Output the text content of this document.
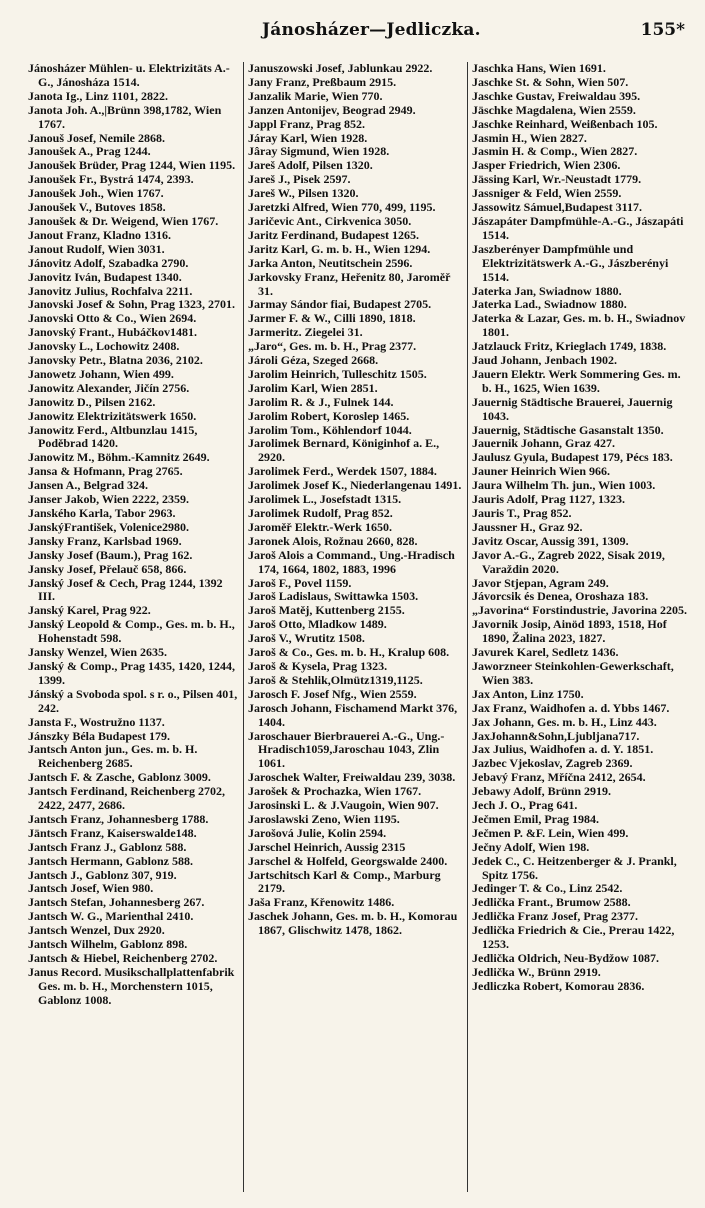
Jánosházer—Jedliczka.	155*
Jánosházer Mühlen- u. Elektrizitäts A.-G., Jánosháza 1514.
Janota Ig., Linz 1101, 2822.
Janota Joh. A.,|Brünn 398,1782, Wien 1767.
Janouš Josef, Nemile 2868.
Janoušek A., Prag 1244.
Janoušek Brüder, Prag 1244, Wien 1195.
Janoušek Fr., Bystrá 1474, 2393.
Janoušek Joh., Wien 1767.
Janoušek V., Butoves 1858.
Janoušek & Dr. Weigend, Wien 1767.
Janout Franz, Kladno 1316.
Janout Rudolf, Wien 3031.
Jánovitz Adolf, Szabadka 2790.
Janovitz Iván, Budapest 1340.
Janovitz Julius, Rochfalva 2211.
Janovski Josef & Sohn, Prag 1323, 2701.
Janovski Otto & Co., Wien 2694.
Janovský Frant., Hubáčkov1481.
Janovsky L., Lochowitz 2408.
Janovsky Petr., Blatna 2036, 2102.
Janowetz Johann, Wien 499.
Janowitz Alexander, Jičín 2756.
Janowitz D., Pilsen 2162.
Janowitz Elektrizitätswerk 1650.
Janowitz Ferd., Altbunzlau 1415, Poděbrad 1420.
Janowitz M., Böhm.-Kamnitz 2649.
Jansa & Hofmann, Prag 2765.
Jansen A., Belgrad 324.
Janser Jakob, Wien 2222, 2359.
Janského Karla, Tabor 2963.
JanskýFrantišek, Volenice2980.
Jansky Franz, Karlsbad 1969.
Jansky Josef (Baum.), Prag 162.
Jansky Josef, Přelauč 658, 866.
Janský Josef & Cech, Prag 1244, 1392 III.
Janský Karel, Prag 922.
Janský Leopold & Comp., Ges. m. b. H., Hohenstadt 598.
Jansky Wenzel, Wien 2635.
Janský & Comp., Prag 1435, 1420, 1244, 1399.
Jánský a Svoboda spol. s r. o., Pilsen 401, 242.
Jansta F., Wostružno 1137.
Jánszky Béla Budapest 179.
Jantsch Anton jun., Ges. m. b. H. Reichenberg 2685.
Jantsch F. & Zasche, Gablonz 3009.
Jantsch Ferdinand, Reichenberg 2702, 2422, 2477, 2686.
Jantsch Franz, Johannesberg 1788.
Jäntsch Franz, Kaiserswalde148.
Jantsch Franz J., Gablonz 588.
Jantsch Hermann, Gablonz 588.
Jantsch J., Gablonz 307, 919.
Jantsch Josef, Wien 980.
Jantsch Stefan, Johannesberg 267.
Jantsch W. G., Marienthal 2410.
Jantsch Wenzel, Dux 2920.
Jantsch Wilhelm, Gablonz 898.
Jantsch & Hiebel, Reichenberg 2702.
Janus Record. Musikschallplattenfabrik Ges. m. b. H., Morchenstern 1015, Gablonz 1008.
Januszowski Josef, Jablunkau 2922.
Jany Franz, Preßbaum 2915.
Janzalik Marie, Wien 770.
Janzen Antonijev, Beograd 2949.
Jappl Franz, Prag 852.
Járay Karl, Wien 1928.
Jâray Sigmund, Wien 1928.
Jareš Adolf, Pilsen 1320.
Jareš J., Pisek 2597.
Jareš W., Pilsen 1320.
Jaretzki Alfred, Wien 770, 499, 1195.
Jaričevic Ant., Cirkvenica 3050.
Jaritz Ferdinand, Budapest 1265.
Jaritz Karl, G. m. b. H., Wien 1294.
Jarka Anton, Neutitschein 2596.
Jarkovsky Franz, Heřenitz 80, Jaroměř 31.
Jarmay Sándor fiai, Budapest 2705.
Jarmer F. & W., Cilli 1890, 1818.
Jarmeritz. Ziegelei 31.
„Jaro“, Ges. m. b. H., Prag 2377.
Jároli Géza, Szeged 2668.
Jarolim Heinrich, Tulleschitz 1505.
Jarolim Karl, Wien 2851.
Jarolim R. & J., Fulnek 144.
Jarolim Robert, Koroslep 1465.
Jarolim Tom., Köhlendorf 1044.
Jarolimek Bernard, Königinhof a. E., 2920.
Jarolimek Ferd., Werdek 1507, 1884.
Jarolimek Josef K., Niederlangenau 1491.
Jarolimek L., Josefstadt 1315.
Jarolimek Rudolf, Prag 852.
Jaroměř Elektr.-Werk 1650.
Jaronek Alois, Rožnau 2660, 828.
Jaroš Alois a Command., Ung.-Hradisch 174, 1664, 1802, 1883, 1996
Jaroš F., Povel 1159.
Jaroš Ladislaus, Swittawka 1503.
Jaroš Matěj, Kuttenberg 2155.
Jaroš Otto, Mladkow 1489.
Jaroš V., Wrutitz 1508.
Jaroš & Co., Ges. m. b. H., Kralup 608.
Jaroš & Kysela, Prag 1323.
Jaroš & Stehlik,Olmütz1319,1125.
Jarosch F. Josef Nfg., Wien 2559.
Jarosch Johann, Fischamend Markt 376, 1404.
Jaroschauer Bierbrauerei A.-G., Ung.-Hradisch1059,Jaroschau 1043, Zlin 1061.
Jaroschek Walter, Freiwaldau 239, 3038.
Jarošek & Prochazka, Wien 1767.
Jarosinski L. & J.Vaugoin, Wien 907.
Jaroslawski Zeno, Wien 1195.
Jarošová Julie, Kolin 2594.
Jarschel Heinrich, Aussig 2315
Jarschel & Holfeld, Georgswalde 2400.
Jartschitsch Karl & Comp., Marburg 2179.
Jaša Franz, Křenowitz 1486.
Jaschek Johann, Ges. m. b. H., Komorau 1867, Glischwitz 1478, 1862.
Jaschka Hans, Wien 1691.
Jaschke St. & Sohn, Wien 507.
Jaschke Gustav, Freiwaldau 395.
Jäschke Magdalena, Wien 2559.
Jaschke Reinhard, Weißenbach 105.
Jasmin H., Wien 2827.
Jasmin H. & Comp., Wien 2827.
Jasper Friedrich, Wien 2306.
Jässing Karl, Wr.-Neustadt 1779.
Jassniger & Feld, Wien 2559.
Jassowitz Sámuel,Budapest 3117.
Jászapáter Dampfmühle-A.-G., Jászapáti 1514.
Jaszberényer Dampfmühle und Elektrizitätswerk A.-G., Jászberényi 1514.
Jaterka Jan, Swiadnow 1880.
Jaterka Lad., Swiadnow 1880.
Jaterka & Lazar, Ges. m. b. H., Swiadnov 1801.
Jatzlauck Fritz, Krieglach 1749, 1838.
Jaud Johann, Jenbach 1902.
Jauern Elektr. Werk Sommering Ges. m. b. H., 1625, Wien 1639.
Jauernig Städtische Brauerei, Jauernig 1043.
Jauernig, Städtische Gasanstalt 1350.
Jauernik Johann, Graz 427.
Jaulusz Gyula, Budapest 179, Pécs 183.
Jauner Heinrich Wien 966.
Jaura Wilhelm Th. jun., Wien 1003.
Jauris Adolf, Prag 1127, 1323.
Jauris T., Prag 852.
Jaussner H., Graz 92.
Javitz Oscar, Aussig 391, 1309.
Javor A.-G., Zagreb 2022, Sisak 2019, Varaždin 2020.
Javor Stjepan, Agram 249.
Jávorcsik és Denea, Oroshaza 183.
„Javorina“ Forstindustrie, Javorina 2205.
Javornik Josip, Ainöd 1893, 1518, Hof 1890, Žalina 2023, 1827.
Javurek Karel, Sedletz 1436.
Jaworzneer Steinkohlen-Gewerkschaft, Wien 383.
Jax Anton, Linz 1750.
Jax Franz, Waidhofen a. d. Ybbs 1467.
Jax Johann, Ges. m. b. H., Linz 443.
JaxJohann&Sohn,Ljubljana717.
Jax Julius, Waidhofen a. d. Y. 1851.
Jazbec Vjekoslav, Zagreb 2369.
Jebavý Franz, Mříčna 2412, 2654.
Jebawy Adolf, Brünn 2919.
Jech J. O., Prag 641.
Ječmen Emil, Prag 1984.
Ječmen P. &F. Lein, Wien 499.
Ječny Adolf, Wien 198.
Jedek C., C. Heitzenberger & J. Prankl, Spitz 1756.
Jedinger T. & Co., Linz 2542.
Jedlička Frant., Brumow 2588.
Jedlička Franz Josef, Prag 2377.
Jedlička Friedrich & Cie., Prerau 1422, 1253.
Jedlička Oldrich, Neu-Bydžow 1087.
Jedlička W., Brünn 2919.
Jedliczka Robert, Komorau 2836.
